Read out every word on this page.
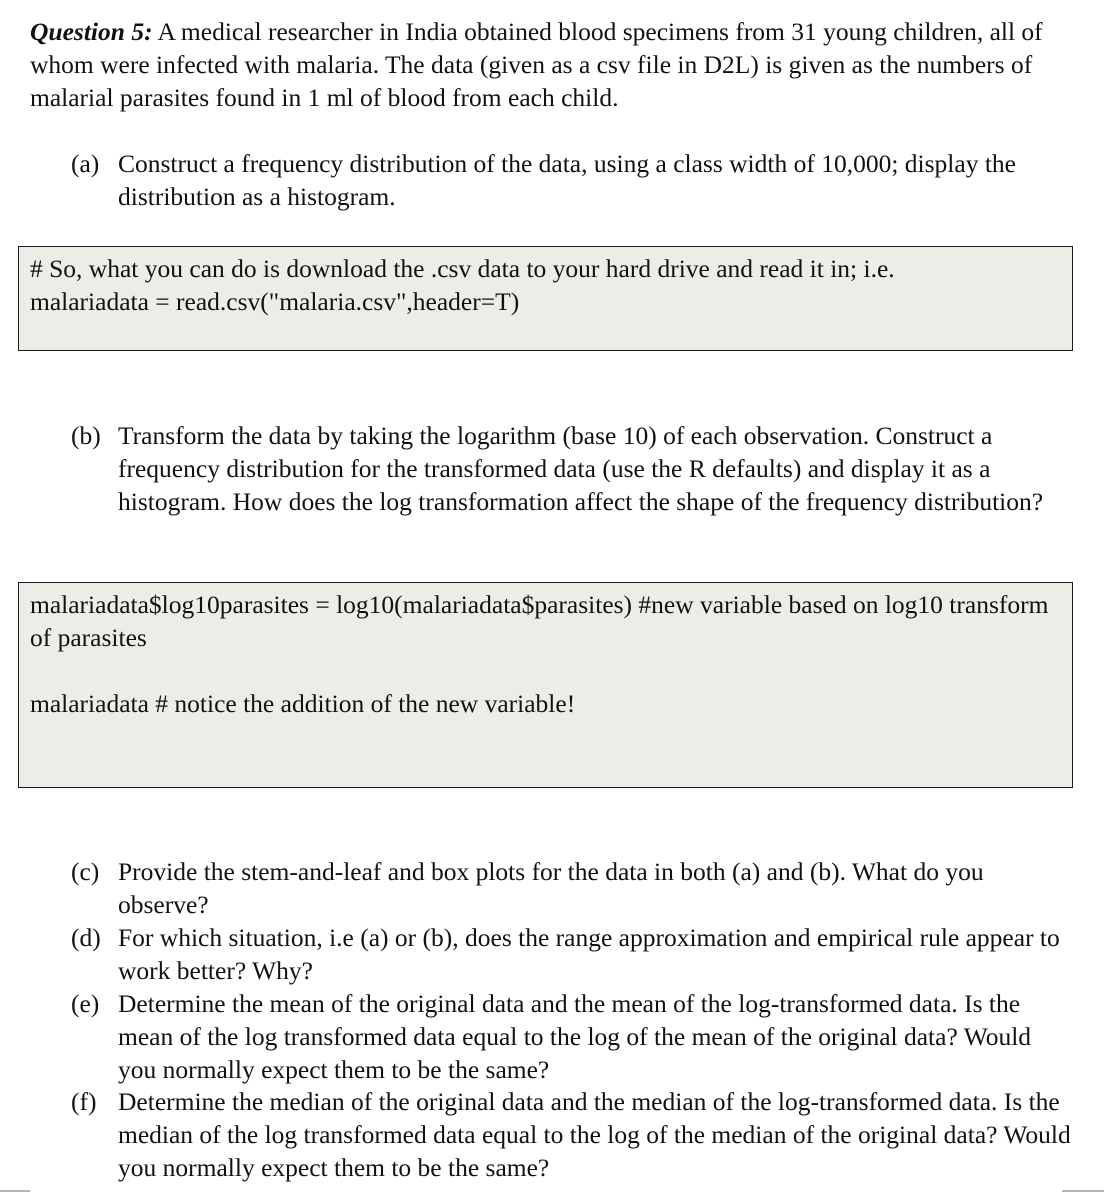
Question 5: A medical researcher in India obtained blood specimens from 31 young children, all of whom were infected with malaria. The data (given as a csv file in D2L) is given as the numbers of malarial parasites found in 1 ml of blood from each child.

(a) Construct a frequency distribution of the data, using a class width of 10,000; display the distribution as a histogram.

# So, what you can do is download the .csv data to your hard drive and read it in; i.e.

malariadata = read.csv("malaria.csv",header=T)

(b) Transform the data by taking the logarithm (base 10) of each observation. Construct a frequency distribution for the transformed data (use the R defaults) and display it as a histogram. How does the log transformation affect the shape of the frequency distribution?

malariadata$log10parasites = log10(malariadata$parasites) #new variable based on log10 transform of parasites

malariadata # notice the addition of the new variable!

(c) Provide the stem-and-leaf and box plots for the data in both (a) and (b). What do you observe?
(d) For which situation, i.e (a) or (b), does the range approximation and empirical rule appear to work better? Why?
(e) Determine the mean of the original data and the mean of the log-transformed data. Is the mean of the log transformed data equal to the log of the mean of the original data? Would you normally expect them to be the same?
(f) Determine the median of the original data and the median of the log-transformed data. Is the median of the log transformed data equal to the log of the median of the original data? Would you normally expect them to be the same?
